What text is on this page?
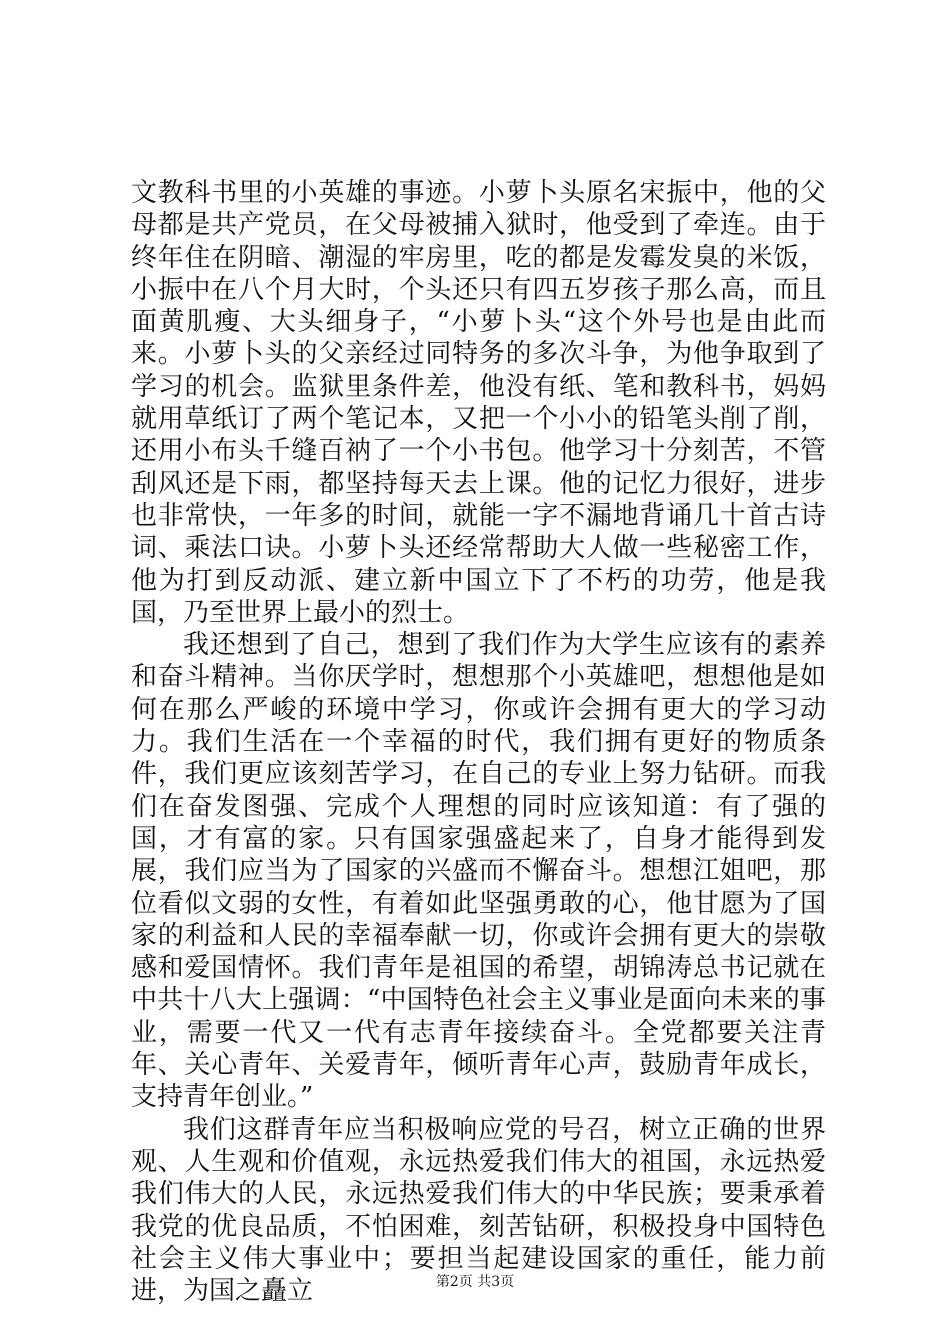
文教科书里的小英雄的事迹。小萝卜头原名宋振中，他的父母都是共产党员，在父母被捕入狱时，他受到了牵连。由于终年住在阴暗、潮湿的牢房里，吃的都是发霉发臭的米饭，小振中在八个月大时，个头还只有四五岁孩子那么高，而且面黄肌瘦、大头细身子，“小萝卜头“这个外号也是由此而来。小萝卜头的父亲经过同特务的多次斗争，为他争取到了学习的机会。监狱里条件差，他没有纸、笔和教科书，妈妈就用草纸订了两个笔记本，又把一个小小的铅笔头削了削，还用小布头千缝百衲了一个小书包。他学习十分刻苦，不管刮风还是下雨，都坚持每天去上课。他的记忆力很好，进步也非常快，一年多的时间，就能一字不漏地背诵几十首古诗词、乘法口诀。小萝卜头还经常帮助大人做一些秘密工作，他为打到反动派、建立新中国立下了不朽的功劳，他是我国，乃至世界上最小的烈士。

我还想到了自己，想到了我们作为大学生应该有的素养和奋斗精神。当你厌学时，想想那个小英雄吧，想想他是如何在那么严峻的环境中学习，你或许会拥有更大的学习动力。我们生活在一个幸福的时代，我们拥有更好的物质条件，我们更应该刻苦学习，在自己的专业上努力钻研。而我们在奋发图强、完成个人理想的同时应该知道：有了强的国，才有富的家。只有国家强盛起来了，自身才能得到发展，我们应当为了国家的兴盛而不懈奋斗。想想江姐吧，那位看似文弱的女性，有着如此坚强勇敢的心，他甘愿为了国家的利益和人民的幸福奉献一切，你或许会拥有更大的崇敬感和爱国情怀。我们青年是祖国的希望，胡锦涛总书记就在中共十八大上强调：“中国特色社会主义事业是面向未来的事业，需要一代又一代有志青年接续奋斗。全党都要关注青年、关心青年、关爱青年，倾听青年心声，鼓励青年成长，支持青年创业。”

我们这群青年应当积极响应党的号召，树立正确的世界观、人生观和价值观，永远热爱我们伟大的祖国，永远热爱我们伟大的人民，永远热爱我们伟大的中华民族；要秉承着我党的优良品质，不怕困难，刻苦钻研，积极投身中国特色社会主义伟大事业中；要担当起建设国家的重任，能力前进，为国之矗立	第2页 共3页
